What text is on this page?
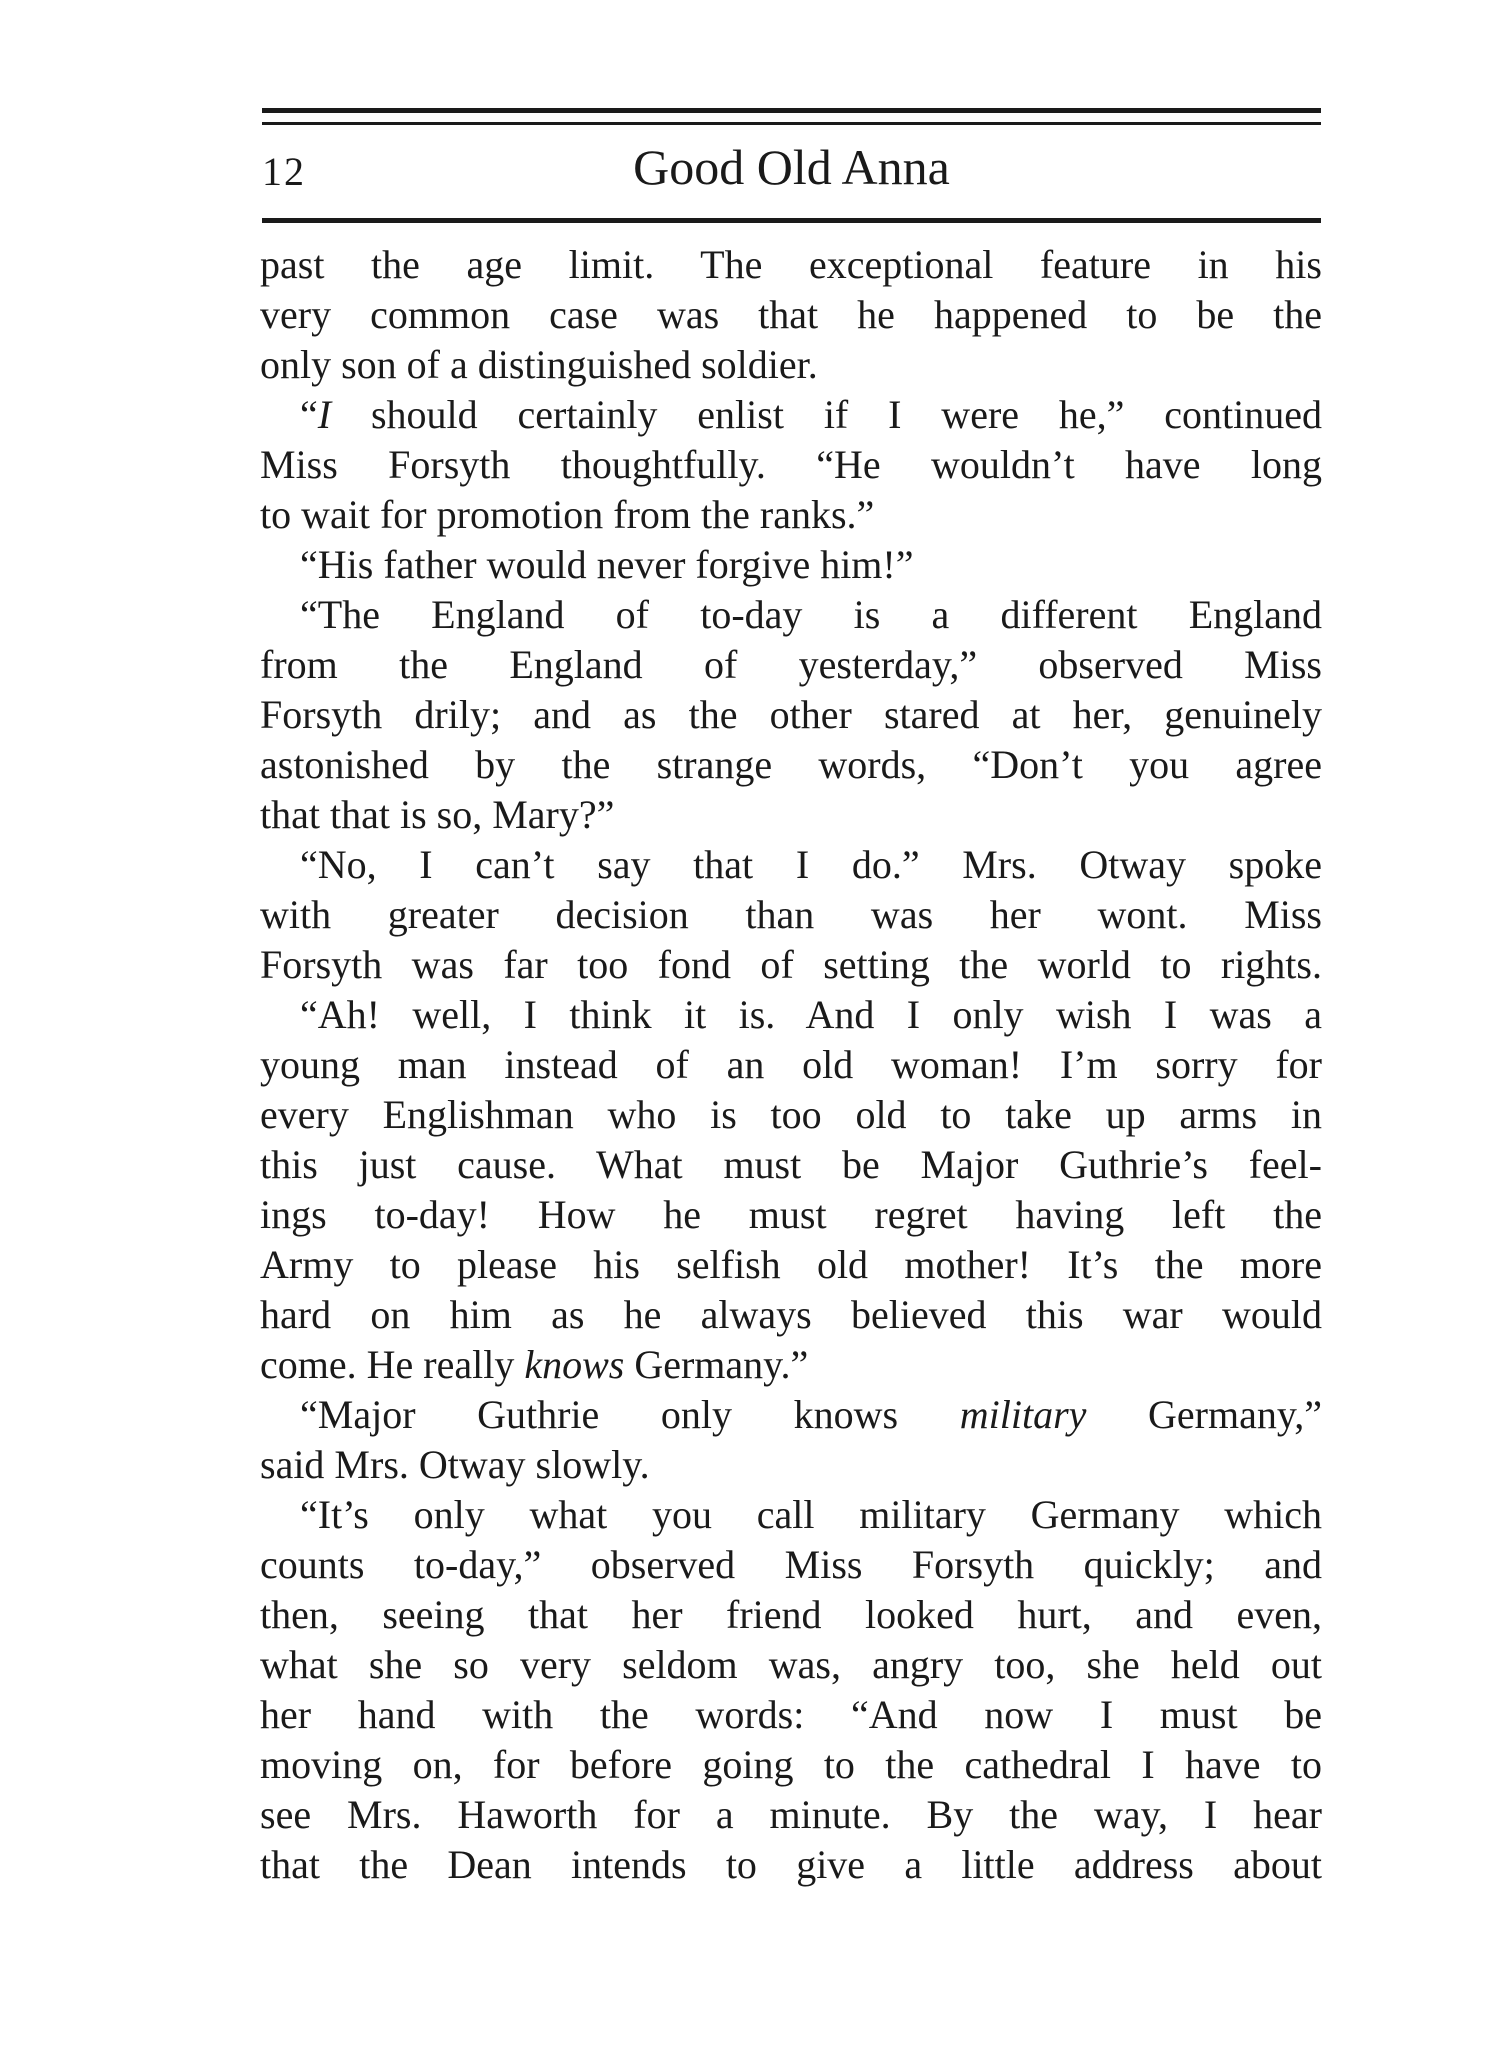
12	Good Old Anna
past the age limit. The exceptional feature in his
very common case was that he happened to be the
only son of a distinguished soldier.
“I should certainly enlist if I were he,” continued
Miss Forsyth thoughtfully. “He wouldn’t have long
to wait for promotion from the ranks.”
“His father would never forgive him!”
“The England of to-day is a different England
from the England of yesterday,” observed Miss
Forsyth drily; and as the other stared at her, genuinely
astonished by the strange words, “Don’t you agree
that that is so, Mary?”
“No, I can’t say that I do.” Mrs. Otway spoke
with greater decision than was her wont. Miss
Forsyth was far too fond of setting the world to rights.
“Ah! well, I think it is. And I only wish I was a
young man instead of an old woman! I’m sorry for
every Englishman who is too old to take up arms in
this just cause. What must be Major Guthrie’s feel-
ings to-day! How he must regret having left the
Army to please his selfish old mother! It’s the more
hard on him as he always believed this war would
come. He really knows Germany.”
“Major Guthrie only knows military Germany,”
said Mrs. Otway slowly.
“It’s only what you call military Germany which
counts to-day,” observed Miss Forsyth quickly; and
then, seeing that her friend looked hurt, and even,
what she so very seldom was, angry too, she held out
her hand with the words: “And now I must be
moving on, for before going to the cathedral I have to
see Mrs. Haworth for a minute. By the way, I hear
that the Dean intends to give a little address about
